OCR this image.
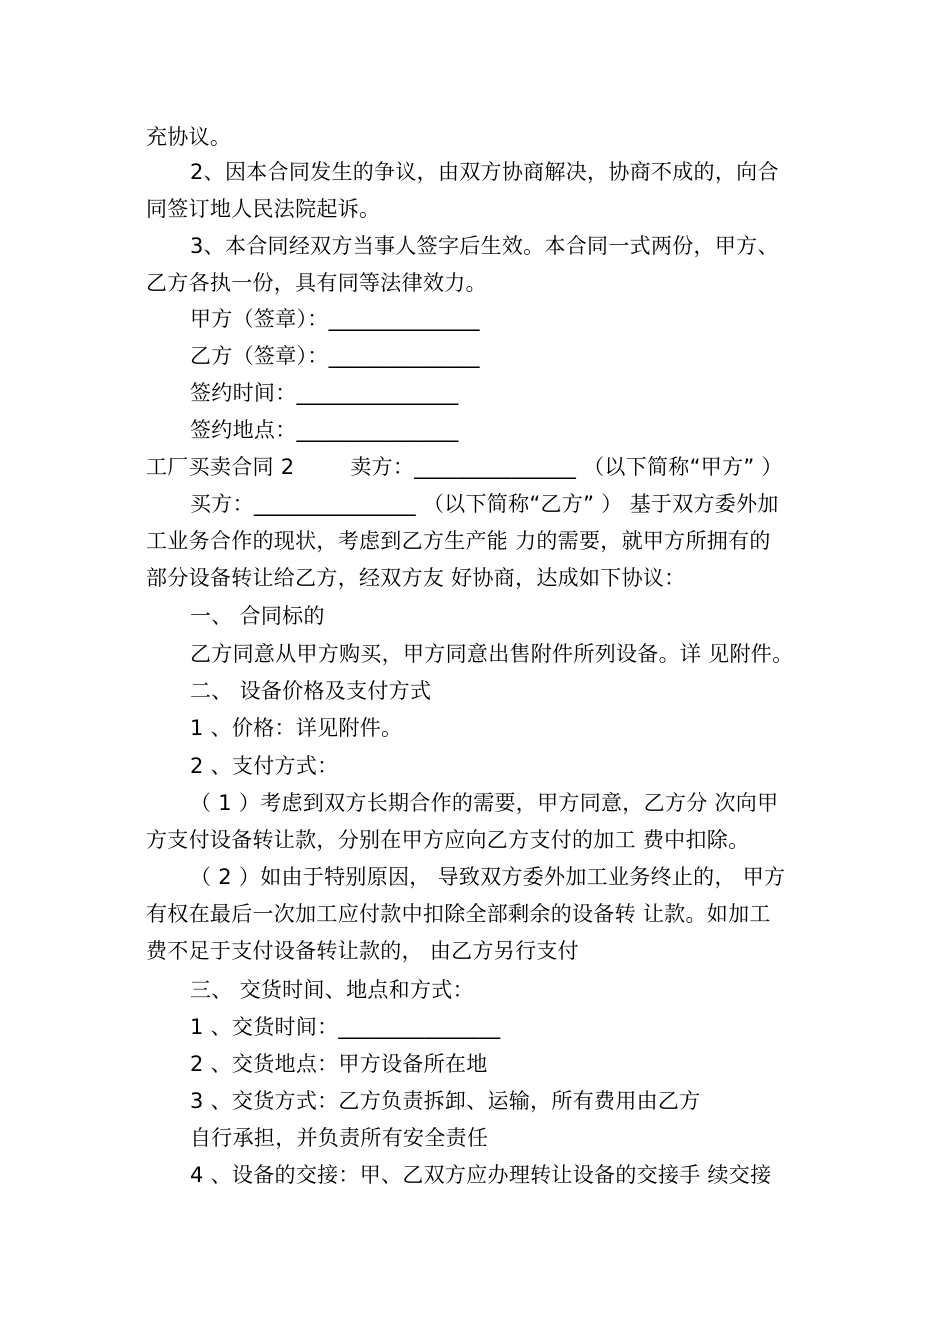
充协议。
2、因本合同发生的争议，由双方协商解决，协商不成的，向合
同签订地人民法院起诉。
3、本合同经双方当事人签字后生效。本合同一式两份，甲方、
乙方各执一份，具有同等法律效力。
甲方（签章）：______________
乙方（签章）：______________
签约时间：_______________
签约地点：_______________
工厂买卖合同 2        卖方：_______________ （以下简称“甲方” ）
买方：_______________ （以下简称“乙方” ） 基于双方委外加
工业务合作的现状，考虑到乙方生产能 力的需要，就甲方所拥有的
部分设备转让给乙方，经双方友 好协商，达成如下协议：
一、 合同标的
乙方同意从甲方购买，甲方同意出售附件所列设备。详 见附件。
二、 设备价格及支付方式
1 、价格：详见附件。
2 、支付方式：
（ 1 ）考虑到双方长期合作的需要，甲方同意，乙方分 次向甲
方支付设备转让款，分别在甲方应向乙方支付的加工 费中扣除。
（ 2 ）如由于特别原因， 导致双方委外加工业务终止的， 甲方
有权在最后一次加工应付款中扣除全部剩余的设备转 让款。如加工
费不足于支付设备转让款的， 由乙方另行支付
三、 交货时间、地点和方式：
1 、交货时间：_______________
2 、交货地点：甲方设备所在地
3 、交货方式：乙方负责拆卸、运输，所有费用由乙方
自行承担，并负责所有安全责任
4 、设备的交接：甲、乙双方应办理转让设备的交接手 续交接
